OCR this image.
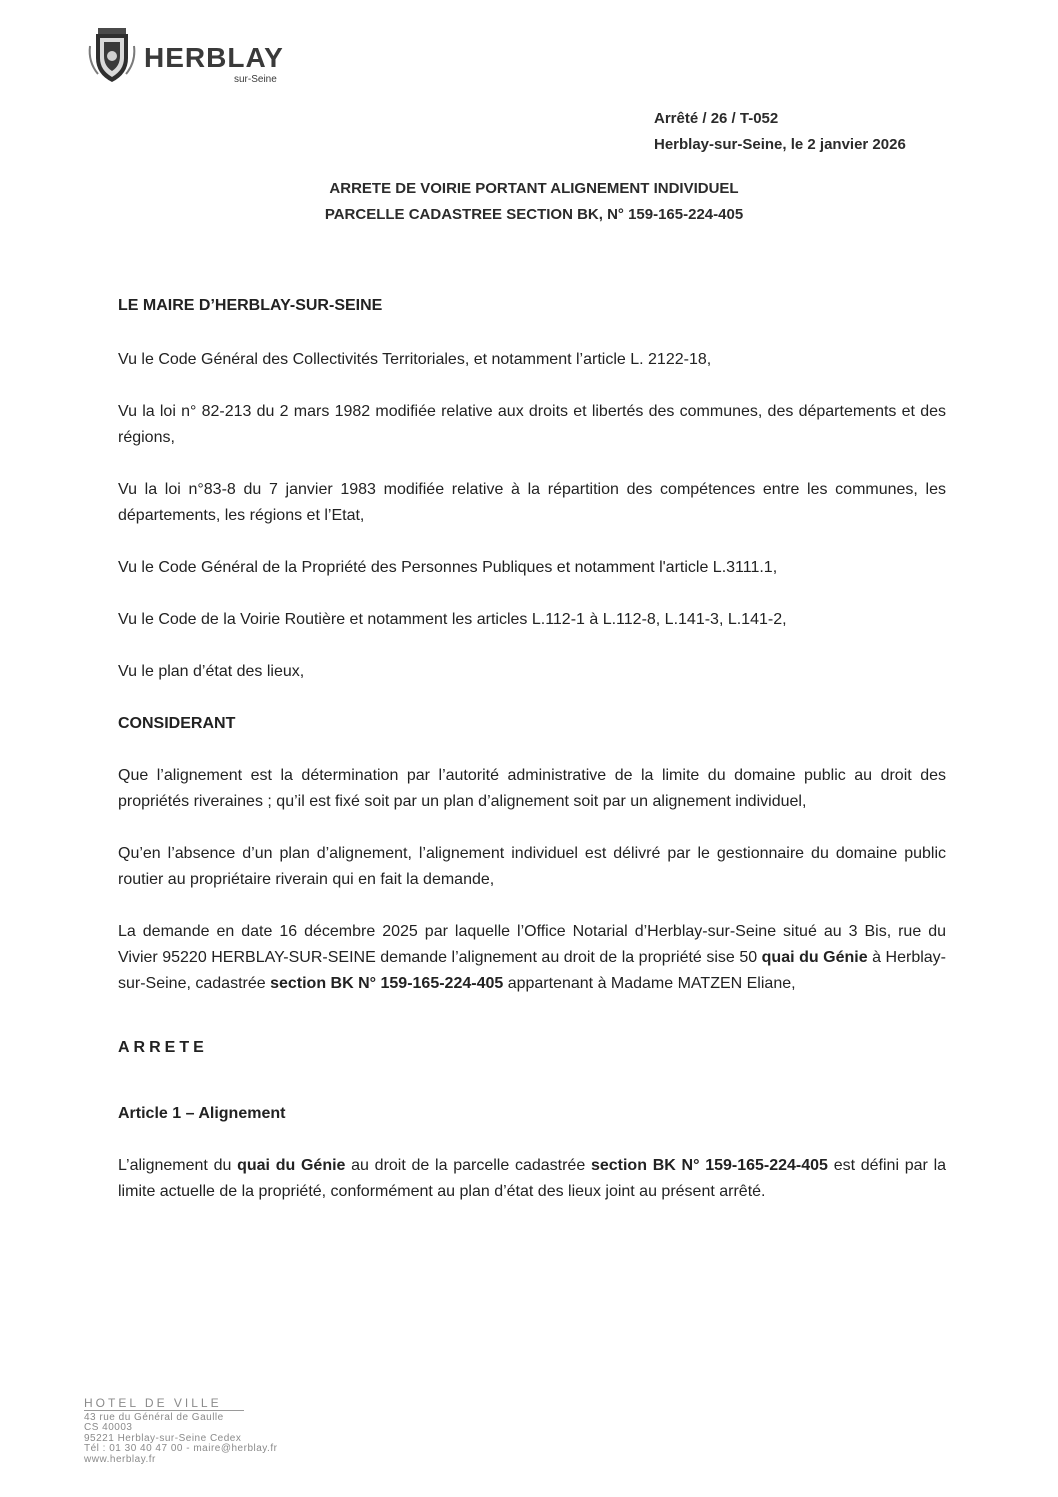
HERBLAY
sur-Seine
Arrêté / 26 / T-052
Herblay-sur-Seine, le 2 janvier 2026
ARRETE DE VOIRIE PORTANT ALIGNEMENT INDIVIDUEL
PARCELLE CADASTREE SECTION BK, N° 159-165-224-405

LE MAIRE D’HERBLAY-SUR-SEINE

Vu le Code Général des Collectivités Territoriales, et notamment l’article L. 2122-18,

Vu la loi n° 82-213 du 2 mars 1982 modifiée relative aux droits et libertés des communes, des départements et des régions,

Vu la loi n°83-8 du 7 janvier 1983 modifiée relative à la répartition des compétences entre les communes, les départements, les régions et l’Etat,

Vu le Code Général de la Propriété des Personnes Publiques et notamment l'article L.3111.1,

Vu le Code de la Voirie Routière et notamment les articles L.112-1 à L.112-8, L.141-3, L.141-2,

Vu le plan d’état des lieux,

CONSIDERANT

Que l’alignement est la détermination par l’autorité administrative de la limite du domaine public au droit des propriétés riveraines ; qu’il est fixé soit par un plan d’alignement soit par un alignement individuel,

Qu’en l’absence d’un plan d’alignement, l’alignement individuel est délivré par le gestionnaire du domaine public routier au propriétaire riverain qui en fait la demande,

La demande en date 16 décembre 2025 par laquelle l’Office Notarial d’Herblay-sur-Seine situé au 3 Bis, rue du Vivier 95220 HERBLAY-SUR-SEINE demande l’alignement au droit de la propriété sise 50 quai du Génie à Herblay-sur-Seine, cadastrée section BK N° 159-165-224-405 appartenant à Madame MATZEN Eliane,

ARRETE

Article 1 – Alignement

L’alignement du quai du Génie au droit de la parcelle cadastrée section BK N° 159-165-224-405 est défini par la limite actuelle de la propriété, conformément au plan d’état des lieux joint au présent arrêté.

HOTEL DE VILLE
43 rue du Général de Gaulle
CS 40003
95221 Herblay-sur-Seine Cedex
Tél : 01 30 40 47 00 - maire@herblay.fr
www.herblay.fr
